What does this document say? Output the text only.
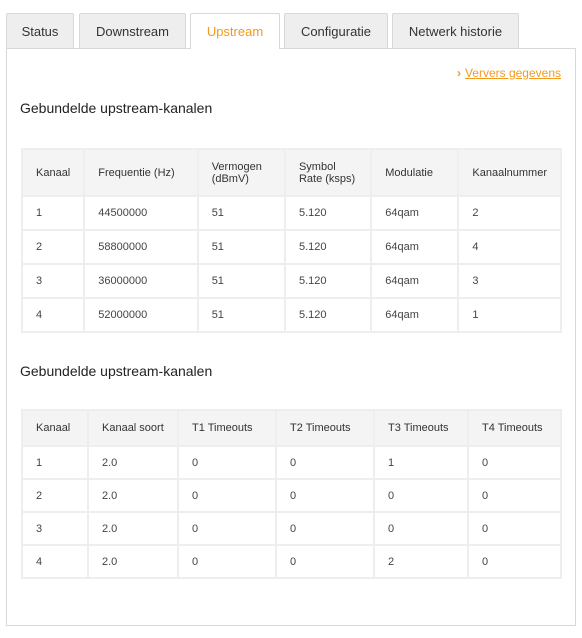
Status	Downstream	Upstream	Configuratie	Netwerk historie
› Ververs gegevens
Gebundelde upstream-kanalen
Kanaal	Frequentie (Hz)	Vermogen (dBmV)	Symbol Rate (ksps)	Modulatie	Kanaalnummer
1	44500000	51	5.120	64qam	2
2	58800000	51	5.120	64qam	4
3	36000000	51	5.120	64qam	3
4	52000000	51	5.120	64qam	1
Gebundelde upstream-kanalen
Kanaal	Kanaal soort	T1 Timeouts	T2 Timeouts	T3 Timeouts	T4 Timeouts
1	2.0	0	0	1	0
2	2.0	0	0	0	0
3	2.0	0	0	0	0
4	2.0	0	0	2	0
